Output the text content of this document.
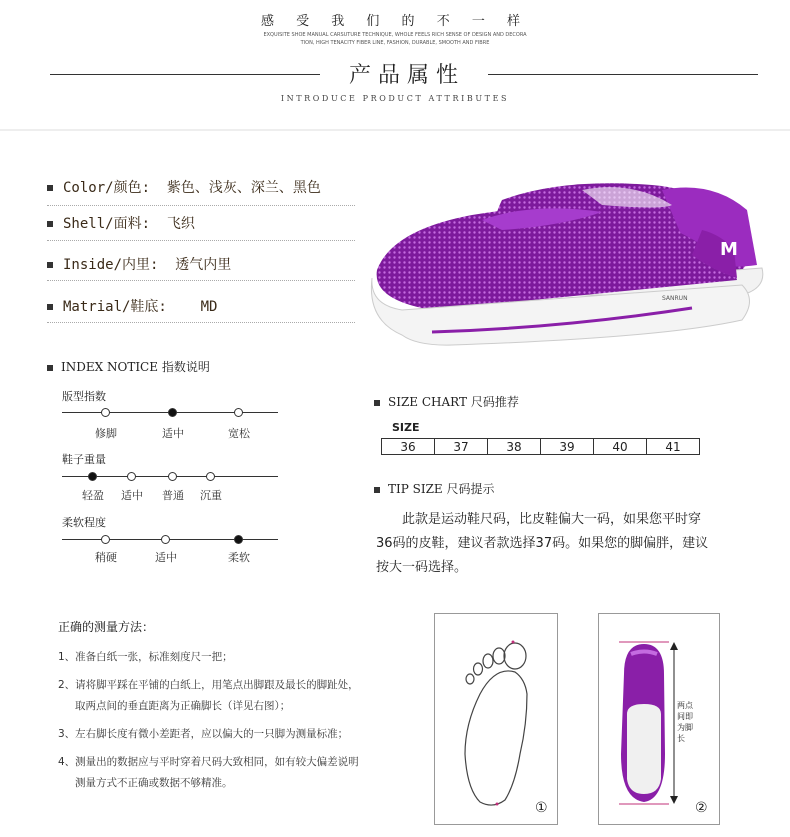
感 受 我 们 的 不 一 样
EXQUISITE SHOE MANUAL CARSUTURE TECHNIQUE, WHOLE FEELS RICH SENSE OF DESIGN AND DECORA
TION, HIGH TENACITY FIBER LINE, FASHION, DURABLE, SMOOTH AND FIBRE
产品属性
INTRODUCE PRODUCT ATTRIBUTES
Color/颜色: 紫色、浅灰、深兰、黑色
Shell/面料: 飞织
Inside/内里: 透气内里
Matrial/鞋底: MD
M
SANRUN
INDEX NOTICE 指数说明
版型指数
修脚	适中	宽松
鞋子重量
轻盈	适中	普通	沉重
柔软程度
稍硬	适中	柔软
SIZE CHART 尺码推荐
SIZE
36	37	38	39	40	41
TIP SIZE 尺码提示
此款是运动鞋尺码，比皮鞋偏大一码，如果您平时穿36码的皮鞋，建议者款选择37码。如果您的脚偏胖，建议按大一码选择。
正确的测量方法：
1、准备白纸一张，标准刻度尺一把；
2、请将脚平踩在平铺的白纸上，用笔点出脚跟及最长的脚趾处，
取两点间的垂直距离为正确脚长（详见右图）；
3、左右脚长度有微小差距者，应以偏大的一只脚为测量标准；
4、测量出的数据应与平时穿着尺码大致相同，如有较大偏差说明
测量方式不正确或数据不够精准。
①
两点间即为脚长
②
